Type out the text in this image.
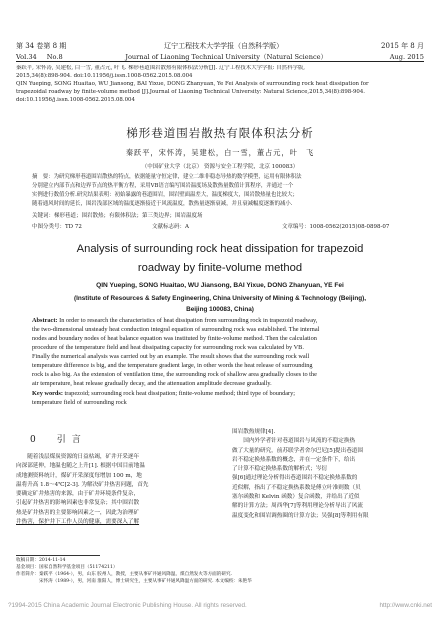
第 34 卷第 8 期	辽宁工程技术大学学报（自然科学版）	2015 年 8 月
Vol.34 No.8	Journal of Liaoning Technical University（Natural Science）	Aug. 2015

秦跃平, 宋怀涛, 吴建松, 白一雪, 董占元, 叶飞. 梯形巷道围岩散热有限体积法分析[J]. 辽宁工程技术大学学报: 自然科学版,

2015,34(8):898-904. doi:10.11956/j.issn.1008-0562.2015.08.004

QIN Yueping, SONG Huaitao, WU Jiansong, BAI Yixue, DONG Zhanyuan, Ye Fei Analysis of surrounding rock heat dissipation for

trapezoidal roadway by finite-volume method [J].Journal of Liaoning Technical University: Natural Science,2015,34(8):898-904.

doi:10.11956/j.issn.1008-0562.2015.08.004

梯形巷道围岩散热有限体积法分析

秦跃平，宋怀涛，吴建松，白一雪，董占元，叶　飞

（中国矿业大学（北京） 资源与安全工程学院，北京 100083）

摘　要：为研究梯形巷道围岩散热的特点，依据能量守恒定律，建立二维非稳态导热的数学模型，运用有限体积法

分别建立内部节点和边界节点的热平衡方程，采用VB语言编写围岩温度场及散热量数值计算程序，并通过一个

实例进行数值分析.研究结果表明：初始暴露的巷道围岩，围岩壁面温差大，温度梯度大，围岩散热量也比较大；

随着通风时间的延长，围岩浅部区域的温度逐渐接近于风流温度，散热量逐渐衰减，并且衰减幅度逐渐的减小.

关键词：梯形巷道；围岩散热；有限体积法；第三类边界；围岩温度场
中图分类号：TD 72	文献标志码：A	文章编号：1008-0562(2015)08-0898-07
Analysis of surrounding rock heat dissipation for trapezoid
roadway by finite-volume method

QIN Yueping, SONG Huaitao, WU Jiansong, BAI Yixue, DONG Zhanyuan, YE Fei

(Institute of Resources & Safety Engineering, China University of Mining & Technology (Beijing),

Beijing 100083, China)

Abstract: In order to research the characteristics of heat dissipation from surrounding rock in trapezoid roadway,

the two-dimensional unsteady heat conduction integral equation of surrounding rock was established. The internal

nodes and boundary nodes of heat balance equation was instituted by finite-volume method. Then the calculation

procedure of the temperature field and heat dissipating capacity for surrounding rock was calculated by VB.

Finally the numerical analysis was carried out by an example. The result shows that the surrounding rock wall

temperature difference is big, and the temperature gradient large, in other words the heat release of surrounding

rock is also big. As the extension of ventilation time, the surrounding rock of shallow area gradually closes to the

air temperature, heat release gradually decay, and the attenuation amplitude decrease gradually.

Key words: trapezoid; surrounding rock heat dissipation; finite-volume method; third type of boundary;

temperature field of surrounding rock

0　引言

　　随着浅层煤炭资源的日益枯竭，矿井开采逐年

向深部延伸，地温也随之上升[1]. 根据中国目前地温

成地测资料统计，煤矿开采深度每增加 100 m，地

温将升高 1.8～4℃[2-3]. 为解决矿井热害问题，首先

要确定矿井热害的来源，由于矿井环境条件复杂，

引起矿井热害的影响因素也非常复杂；其中围岩散

热是矿井热害的主要影响因素之一，因此为治理矿

井热害，保护井下工作人员的健康，需要深入了解

围岩散热规律[4].

　　国内外学者针对巷道围岩与风流的不稳定换热

做了大量的研究，前苏联学者舍尔巴尼[5]提出巷道围

岩不稳定换热系数的概念，并在一定条件下，给出

了计算不稳定换热系数的解析式；岑衍

强[6]通过理论分析得出巷道围岩不稳定换热系数的

近似解，指出了不稳定换热系数是傅立叶准则数（贝

塞尔函数和 Kelvin 函数）复合函数，并给出了近似

解的计算方法；周西华[7]等利用理论分析导出了风流

温度变化和围岩调热圈的计算方法；吴强[8]等利用有限

收稿日期：2014-11-14

基金项目：国家自然科学基金项目（51174211）

作者简介：秦跃平（1964-），男，山东 胶州人，教授，主要从事矿井通风降温、煤自然发火等方面的研究.

　　　　　宋怀涛（1989-），男，河南 淮阳人，博士研究生，主要从事矿井通风降温方面的研究. 本文编校：朱艳华

?1994-2015 China Academic Journal Electronic Publishing House. All rights reserved.	http://www.cnki.net
